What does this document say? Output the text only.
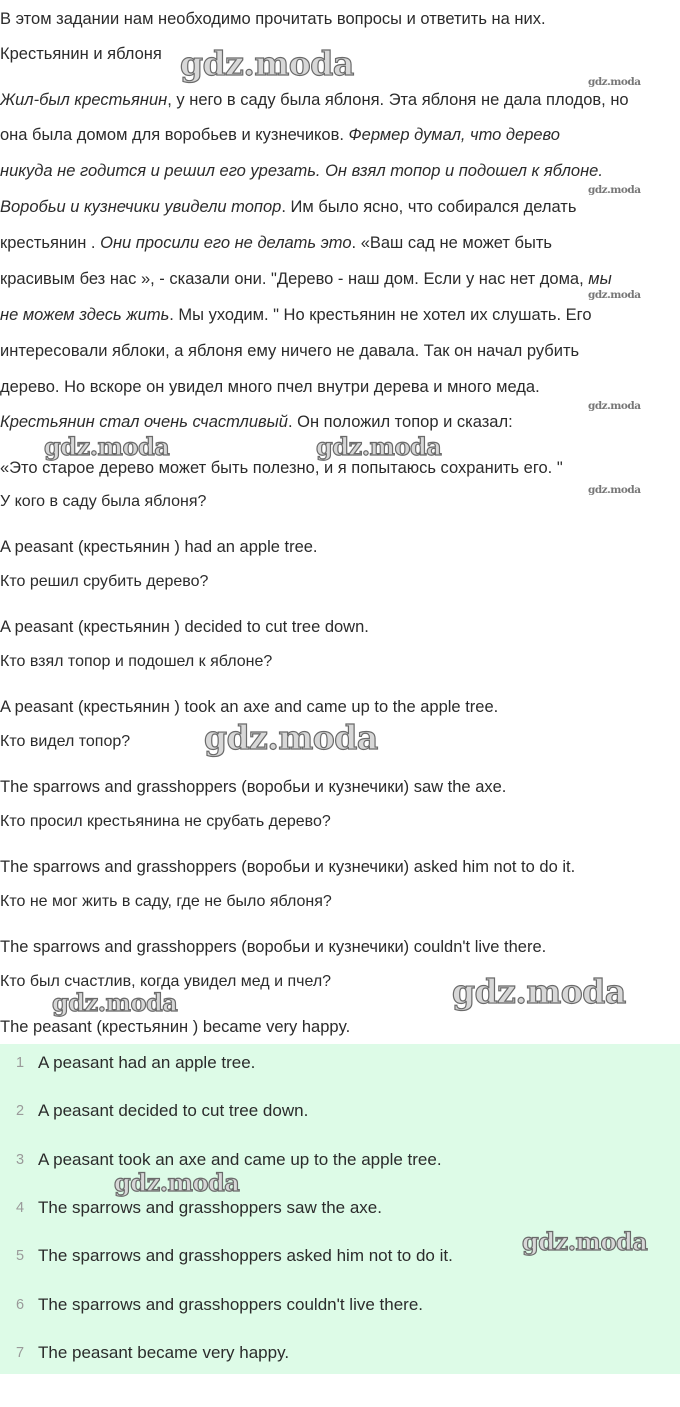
В этом задании нам необходимо прочитать вопросы и ответить на них.
Крестьянин и яблоня
Жил-был крестьянин, у него в саду была яблоня. Эта яблоня не дала плодов, но
она была домом для воробьев и кузнечиков. Фермер думал, что дерево
никуда не годится и решил его урезать. Он взял топор и подошел к яблоне.
Воробьи и кузнечики увидели топор. Им было ясно, что собирался делать
крестьянин . Они просили его не делать это. «Ваш сад не может быть
красивым без нас », - сказали они. "Дерево - наш дом. Если у нас нет дома, мы
не можем здесь жить. Мы уходим. " Но крестьянин не хотел их слушать. Его
интересовали яблоки, а яблоня ему ничего не давала. Так он начал рубить
дерево. Но вскоре он увидел много пчел внутри дерева и много меда.
Крестьянин стал очень счастливый. Он положил топор и сказал:
«Это старое дерево может быть полезно, и я попытаюсь сохранить его. "
У кого в саду была яблоня?
A peasant (крестьянин ) had an apple tree.
Кто решил срубить дерево?
A peasant (крестьянин ) decided to cut tree down.
Кто взял топор и подошел к яблоне?
A peasant (крестьянин ) took an axe and came up to the apple tree.
Кто видел топор?
The sparrows and grasshoppers (воробьи и кузнечики) saw the axe.
Кто просил крестьянина не срубать дерево?
The sparrows and grasshoppers (воробьи и кузнечики) asked him not to do it.
Кто не мог жить в саду, где не было яблоня?
The sparrows and grasshoppers (воробьи и кузнечики) couldn't live there.
Кто был счастлив, когда увидел мед и пчел?
The peasant (крестьянин ) became very happy.
1 A peasant had an apple tree.
2 A peasant decided to cut tree down.
3 A peasant took an axe and came up to the apple tree.
4 The sparrows and grasshoppers saw the axe.
5 The sparrows and grasshoppers asked him not to do it.
6 The sparrows and grasshoppers couldn't live there.
7 The peasant became very happy.
gdz.moda	gdz.moda
gdz.moda
gdz.moda
gdz.moda
gdz.moda	gdz.moda
gdz.moda
gdz.moda
gdz.moda	gdz.moda
gdz.moda
gdz.moda
